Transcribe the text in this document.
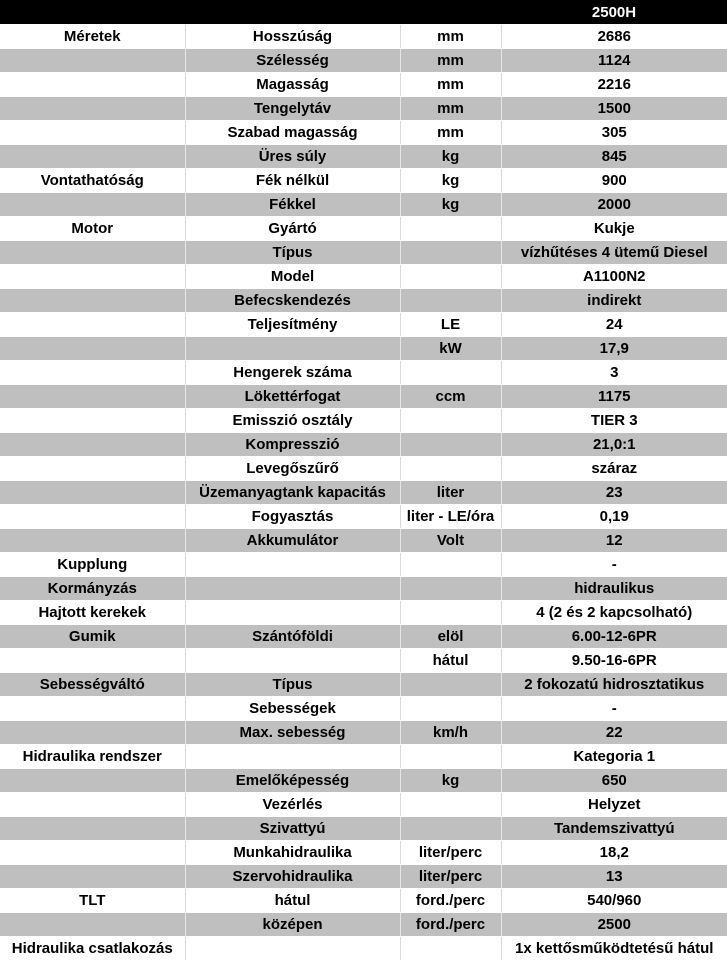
			2500H
Méretek	Hosszúság	mm	2686
	Szélesség	mm	1124
	Magasság	mm	2216
	Tengelytáv	mm	1500
	Szabad magasság	mm	305
	Üres súly	kg	845
Vontathatóság	Fék nélkül	kg	900
	Fékkel	kg	2000
Motor	Gyártó		Kukje
	Típus		vízhűtéses 4 ütemű Diesel
	Model		A1100N2
	Befecskendezés		indirekt
	Teljesítmény	LE	24
		kW	17,9
	Hengerek száma		3
	Lökettérfogat	ccm	1175
	Emisszió osztály		TIER 3
	Kompresszió		21,0:1
	Levegőszűrő		száraz
	Üzemanyagtank kapacitás	liter	23
	Fogyasztás	liter - LE/óra	0,19
	Akkumulátor	Volt	12
Kupplung			-
Kormányzás			hidraulikus
Hajtott kerekek			4 (2 és 2 kapcsolható)
Gumik	Szántóföldi	elöl	6.00-12-6PR
		hátul	9.50-16-6PR
Sebességváltó	Típus		2 fokozatú hidrosztatikus
	Sebességek		-
	Max. sebesség	km/h	22
Hidraulika rendszer			Kategoria 1
	Emelőképesség	kg	650
	Vezérlés		Helyzet
	Szivattyú		Tandemszivattyú
	Munkahidraulika	liter/perc	18,2
	Szervohidraulika	liter/perc	13
TLT	hátul	ford./perc	540/960
	középen	ford./perc	2500
Hidraulika csatlakozás			1x kettősműködtetésű hátul
